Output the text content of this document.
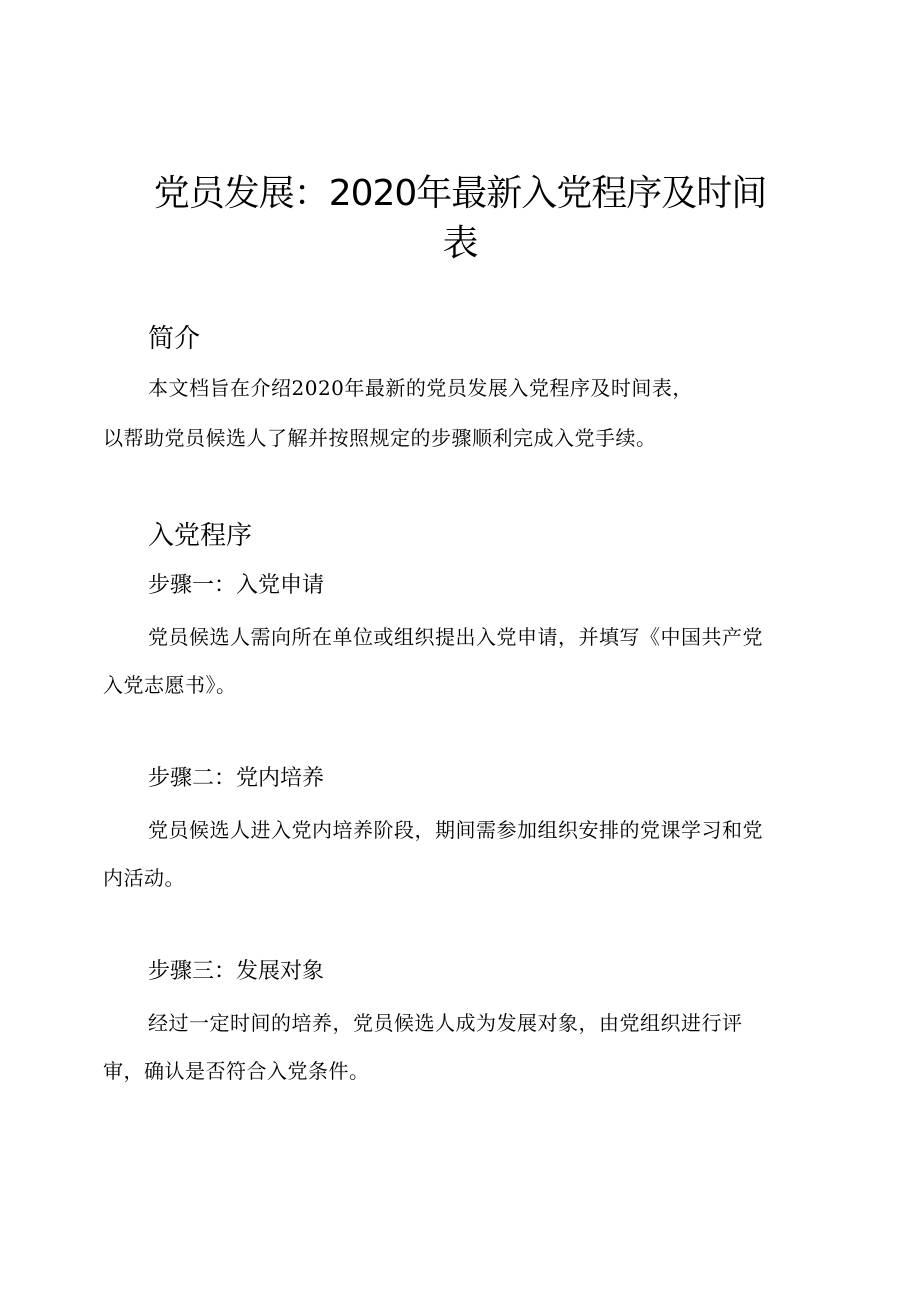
党员发展：2020年最新入党程序及时间
表
简介

本文档旨在介绍2020年最新的党员发展入党程序及时间表，

以帮助党员候选人了解并按照规定的步骤顺利完成入党手续。

入党程序
步骤一：入党申请

党员候选人需向所在单位或组织提出入党申请，并填写《中国共产党

入党志愿书》。

步骤二：党内培养

党员候选人进入党内培养阶段，期间需参加组织安排的党课学习和党

内活动。

步骤三：发展对象

经过一定时间的培养，党员候选人成为发展对象，由党组织进行评

审，确认是否符合入党条件。
